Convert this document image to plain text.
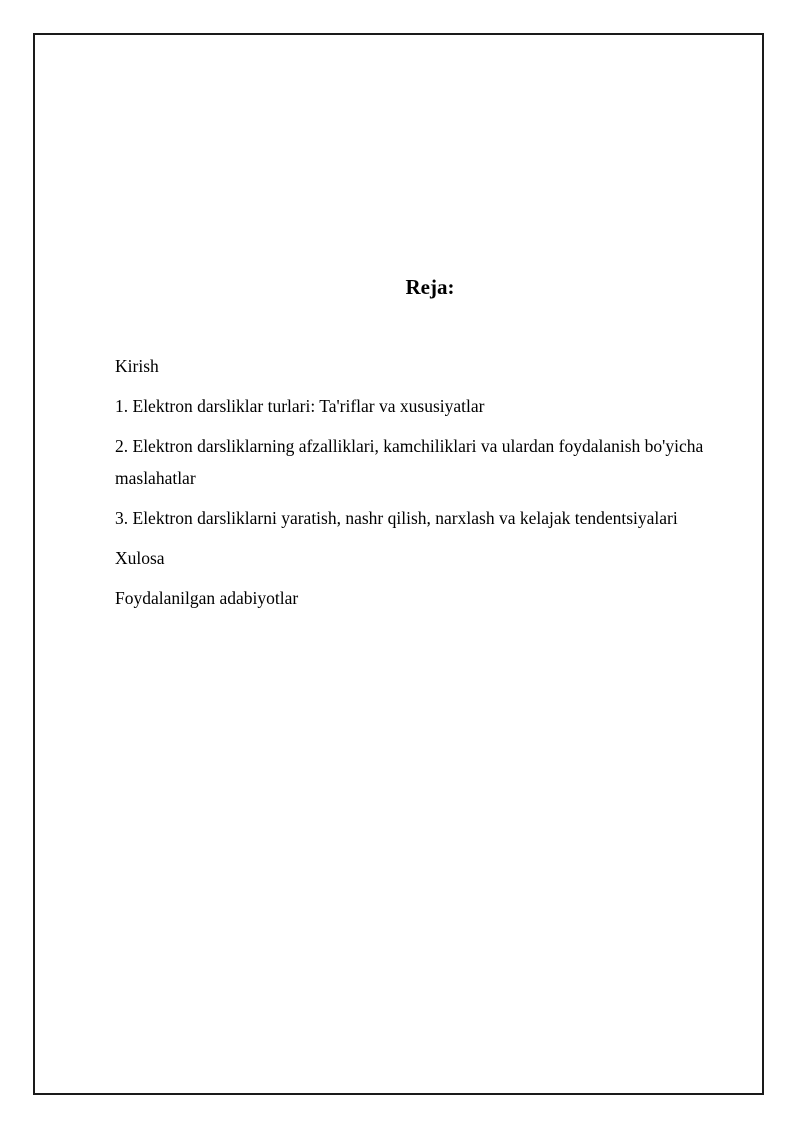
Reja:
Kirish
1. Elektron darsliklar turlari: Ta'riflar va xususiyatlar
2. Elektron darsliklarning afzalliklari, kamchiliklari va ulardan foydalanish bo'yicha maslahatlar
3. Elektron darsliklarni yaratish, nashr qilish, narxlash va kelajak tendentsiyalari
Xulosa
Foydalanilgan adabiyotlar
